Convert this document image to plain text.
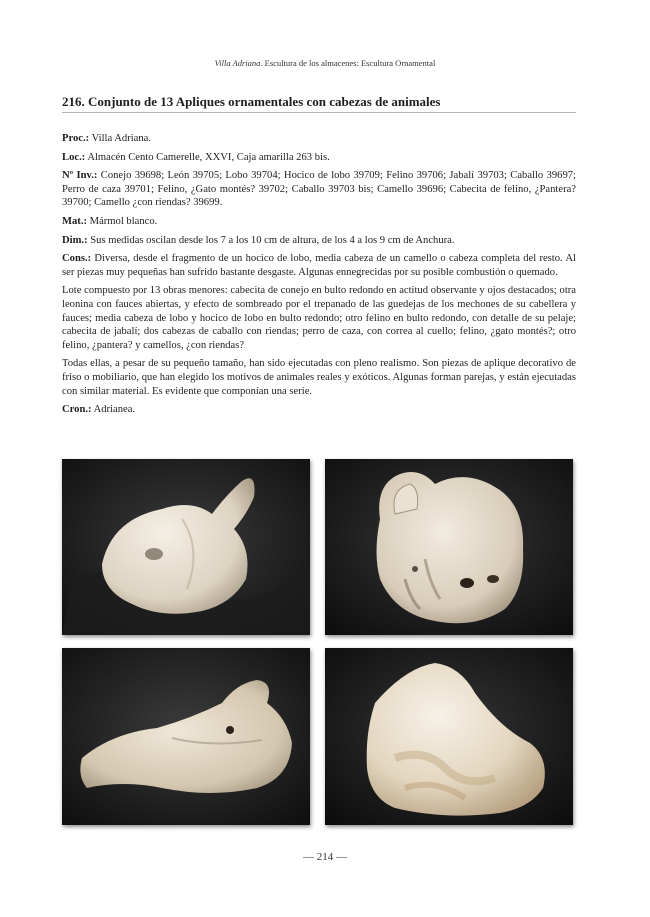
Villa Adriana. Escultura de los almacenes: Escultura Ornamental
216. Conjunto de 13 Apliques ornamentales con cabezas de animales

Proc.: Villa Adriana.

Loc.: Almacén Cento Camerelle, XXVI, Caja amarilla 263 bis.

Nº Inv.: Conejo 39698; León 39705; Lobo 39704; Hocico de lobo 39709; Felino 39706; Jabalí 39703; Caballo 39697; Perro de caza 39701; Felino, ¿Gato montés? 39702; Caballo 39703 bis; Camello 39696; Cabecita de felino, ¿Pantera? 39700; Camello ¿con riendas? 39699.

Mat.: Mármol blanco.

Dim.: Sus medidas oscilan desde los 7 a los 10 cm de altura, de los 4 a los 9 cm de Anchura.

Cons.: Diversa, desde el fragmento de un hocico de lobo, media cabeza de un camello o cabeza completa del resto. Al ser piezas muy pequeñas han sufrido bastante desgaste. Algunas ennegrecidas por su posible combustión o quemado.

Lote compuesto por 13 obras menores: cabecita de conejo en bulto redondo en actitud observante y ojos destacados; otra leonina con fauces abiertas, y efecto de sombreado por el trepanado de las guedejas de los mechones de su cabellera y fauces; media cabeza de lobo y hocico de lobo en bulto redondo; otro felino en bulto redondo, con detalle de su pelaje; cabecita de jabalí; dos cabezas de caballo con riendas; perro de caza, con correa al cuello; felino, ¿gato montés?; otro felino, ¿pantera? y camellos, ¿con riendas?

Todas ellas, a pesar de su pequeño tamaño, han sido ejecutadas con pleno realismo. Son piezas de aplique decorativo de friso o mobiliario, que han elegido los motivos de animales reales y exóticos. Algunas forman parejas, y están ejecutadas con similar material. Es evidente que componían una serie.

Cron.: Adrianea.

— 214 —
